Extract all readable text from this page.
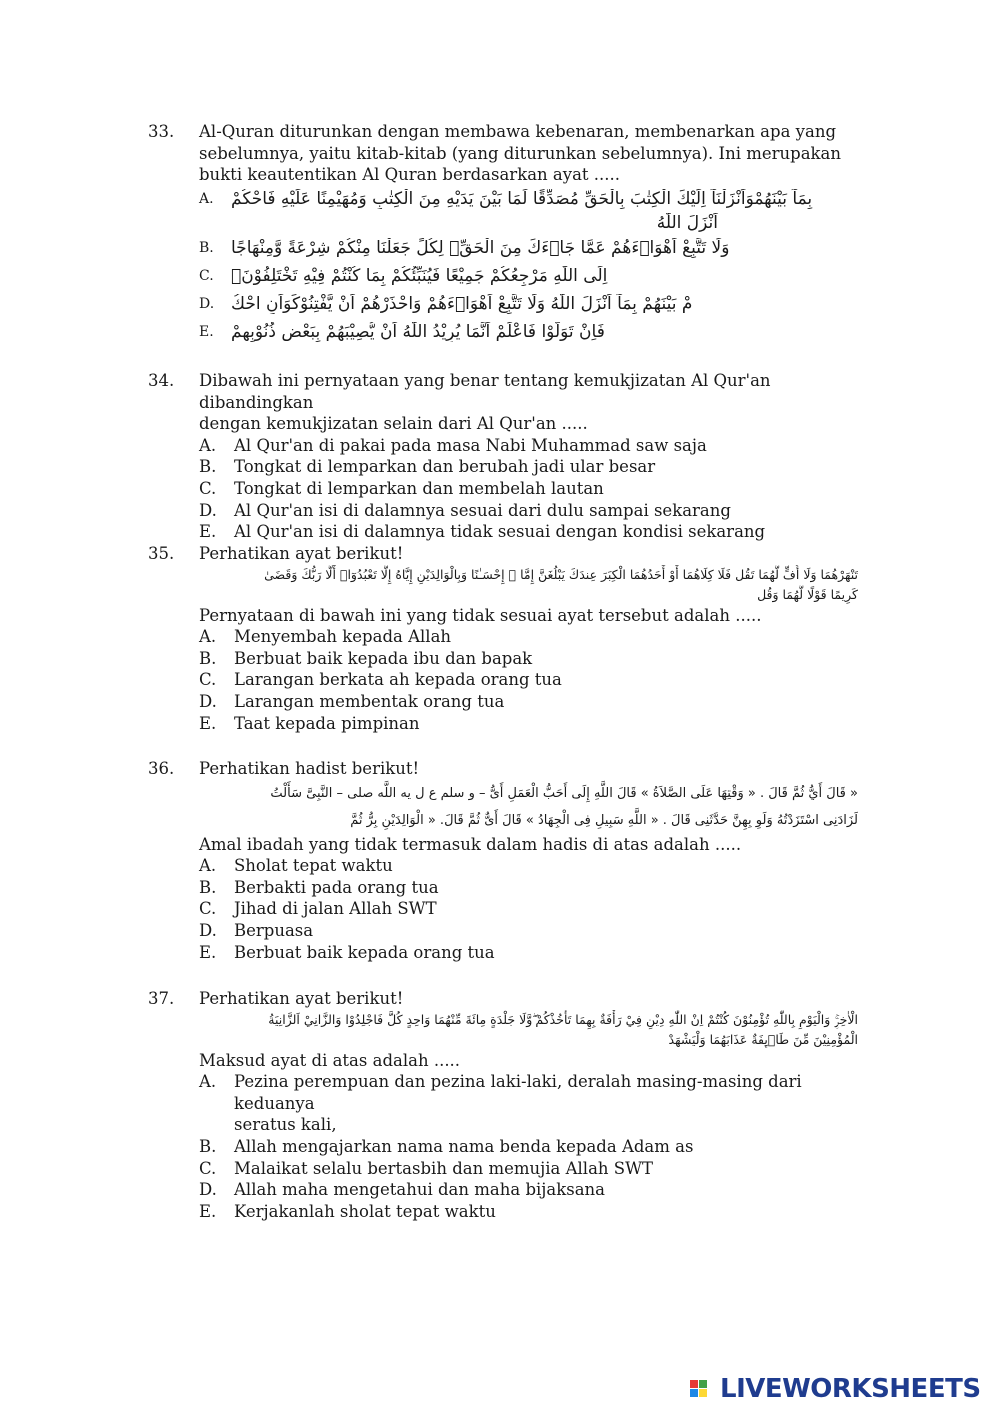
33.	Al-Quran diturunkan dengan membawa kebenaran, membenarkan apa yang
sebelumnya, yaitu kitab-kitab (yang diturunkan sebelumnya). Ini merupakan
bukti keautentikan Al Quran berdasarkan ayat .....
A.	بِمَآ بَيْنَهُمْوَاَنْزَلْنَآ اِلَيْكَ الْكِتٰبَ بِالْحَقِّ مُصَدِّقًا لِّمَا بَيْنَ يَدَيْهِ مِنَ الْكِتٰبِ وَمُهَيْمِنًا عَلَيْهِ فَاحْكُمْ
اَنْزَلَ اللّٰهُ
B.	وَلَا تَتَّبِعْ اَهْوَاۤءَهُمْ عَمَّا جَاۤءَكَ مِنَ الْحَقِّۗ لِكُلٍّ جَعَلْنَا مِنْكُمْ شِرْعَةً وَّمِنْهَاجًا
C.	اِلَى اللّٰهِ مَرْجِعُكُمْ جَمِيْعًا فَيُنَبِّئُكُمْ بِمَا كُنْتُمْ فِيْهِ تَخْتَلِفُوْنَۙ
D. مْ بَيْنَهُمْ بِمَآ اَنْزَلَ اللّٰهُ وَلَا تَتَّبِعْ اَهْوَاۤءَهُمْ وَاحْذَرْهُمْ اَنْ يَّفْتِنُوْكَوَاَنِ احْكُ
E.	فَاِنْ تَوَلَّوْا فَاعْلَمْ اَنَّمَا يُرِيْدُ اللّٰهُ اَنْ يُّصِيْبَهُمْ بِبَعْضِ ذُنُوْبِهِمْ
34.	Dibawah ini pernyataan yang benar tentang kemukjizatan Al Qur'an dibandingkan
dengan kemukjizatan selain dari Al Qur'an .....
A.	Al Qur'an di pakai pada masa Nabi Muhammad saw saja
B.	Tongkat di lemparkan dan berubah jadi ular besar
C.	Tongkat di lemparkan dan membelah lautan
D.	Al Qur'an isi di dalamnya sesuai dari dulu sampai sekarang
E.	Al Qur'an isi di dalamnya tidak sesuai dengan kondisi sekarang
35.	Perhatikan ayat berikut!
تَنْهَرْهُمَا وَلَا أُفٍّ لَّهُمَا تَقُل فَلَا كِلَاهُمَا أَوْ أَحَدُهُمَا الْكِبَرَ عِندَكَ يَبْلُغَنَّ إِمَّا ۚ إِحْسَـٰنًا وَبِالْوَالِدَيْنِ إِيَّاهُ إِلَّا تَعْبُدُوٓا۟ أَلَّا رَبُّكَ وَقَضَىٰ
كَرِيمًا قَوْلًا لَّهُمَا وَقُل
Pernyataan di bawah ini yang tidak sesuai ayat tersebut adalah .....
A.	Menyembah kepada Allah
B.	Berbuat baik kepada ibu dan bapak
C.	Larangan berkata ah kepada orang tua
D.	Larangan membentak orang tua
E.	Taat kepada pimpinan
36.	Perhatikan hadist berikut!
« قَالَ أَيُّ ثُمَّ قَالَ . « وَقْتِهَا عَلَى الصَّلاَةُ » قَالَ اللَّهِ إِلَى أَحَبُّ الْعَمَلِ أَىُّ – و سلم ع ل يه اللَّه صلى – النَّبِىَّ سَأَلْتُ
لَزَادَنِى اسْتَزَدْتُهُ وَلَوِ بِهِنَّ حَدَّثَنِى قَالَ . « اللَّهِ سَبِيلِ فِى الْجِهَادُ » قَالَ أَىٌّ ثُمَّ قَالَ. « الْوَالِدَيْنِ بِرُّ ثُمَّ
Amal ibadah yang tidak termasuk dalam hadis di atas adalah .....
A.	Sholat tepat waktu
B.	Berbakti pada orang tua
C.	Jihad di jalan Allah SWT
D.	Berpuasa
E.	Berbuat baik kepada orang tua
37.	Perhatikan ayat berikut!
الْاٰخِرِۚ وَالْيَوْمِ بِاللّٰهِ تُؤْمِنُوْنَ كُنْتُمْ اِنْ اللّٰهِ دِيْنِ فِيْ رَأْفَةٌ بِهِمَا تَأْخُذْكُمْ ۖوَّلَا جَلْدَةٍ مِائَةَ مِّنْهُمَا وَاحِدٍ كُلَّ فَاجْلِدُوْا وَالزَّانِيْ اَلزَّانِيَةُ
الْمُؤْمِنِيْنَ مِّنَ طَاۤىِٕفَةٌ عَذَابَهُمَا وَلْيَشْهَدْ
Maksud ayat di atas adalah .....
A.	Pezina perempuan dan pezina laki-laki, deralah masing-masing dari keduanya
seratus kali,
B.	Allah mengajarkan nama nama benda kepada Adam as
C.	Malaikat selalu bertasbih dan memujia Allah SWT
D.	Allah maha mengetahui dan maha bijaksana
E.	Kerjakanlah sholat tepat waktu
LIVEWORKSHEETS
